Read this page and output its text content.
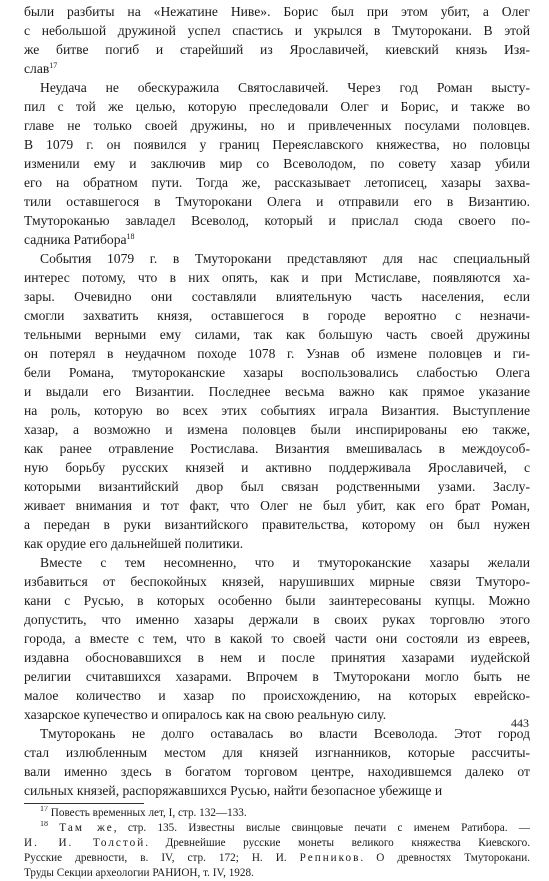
были разбиты на «Нежатине Ниве». Борис был при этом убит, а Олег
с небольшой дружиной успел спастись и укрылся в Тмуторокани. В этой
же битве погиб и старейший из Ярославичей, киевский князь Изя-
слав$^{17}$
Неудача не обескуражила Святославичей. Через год Роман высту-
пил с той же целью, которую преследовали Олег и Борис, и также во
главе не только своей дружины, но и привлеченных посулами половцев.
В 1079 г. он появился у границ Переяславского княжества, но половцы
изменили ему и заключив мир со Всеволодом, по совету хазар убили
его на обратном пути. Тогда же, рассказывает летописец, хазары захва-
тили оставшегося в Тмуторокани Олега и отправили его в Византию.
Тмутороканью завладел Всеволод, который и прислал сюда своего по-
садника Ратибора$^{18}$
События 1079 г. в Тмуторокани представляют для нас специальный
интерес потому, что в них опять, как и при Мстиславе, появляются ха-
зары. Очевидно они составляли влиятельную часть населения, если
смогли захватить князя, оставшегося в городе вероятно с незначи-
тельными верными ему силами, так как большую часть своей дружины
он потерял в неудачном походе 1078 г. Узнав об измене половцев и ги-
бели Романа, тмутороканские хазары воспользовались слабостью Олега
и выдали его Византии. Последнее весьма важно как прямое указание
на роль, которую во всех этих событиях играла Византия. Выступление
хазар, а возможно и измена половцев были инспирированы ею также,
как ранее отравление Ростислава. Византия вмешивалась в междоусоб-
ную борьбу русских князей и активно поддерживала Ярославичей, с
которыми византийский двор был связан родственными узами. Заслу-
живает внимания и тот факт, что Олег не был убит, как его брат Роман,
а передан в руки византийского правительства, которому он был нужен
как орудие его дальнейшей политики.
Вместе с тем несомненно, что и тмутороканские хазары желали
избавиться от беспокойных князей, нарушивших мирные связи Тмуторо-
кани с Русью, в которых особенно были заинтересованы купцы. Можно
допустить, что именно хазары держали в своих руках торговлю этого
города, а вместе с тем, что в какой то своей части они состояли из евреев,
издавна обосновавшихся в нем и после принятия хазарами иудейской
религии считавшихся хазарами. Впрочем в Тмуторокани могло быть не
малое количество и хазар по происхождению, на которых еврейско-
хазарское купечество и опиралось как на свою реальную силу.
Тмуторокань не долго оставалась во власти Всеволода. Этот город
стал излюбленным местом для князей изгнанников, которые рассчиты-
вали именно здесь в богатом торговом центре, находившемся далеко от
сильных князей, распоряжавшихся Русью, найти безопасное убежище и
$^{17}$ Повесть временных лет, I, стр. 132—133.
$^{18}$ Там же, стр. 135. Известны вислые свинцовые печати с именем Ратибора. —
И. И. Толстой. Древнейшие русские монеты великого княжества Киевского.
Русские древности, в. IV, стр. 172; Н. И. Репников. О древностях Тмуторокани.
Труды Секции археологии РАНИОН, т. IV, 1928.
443
